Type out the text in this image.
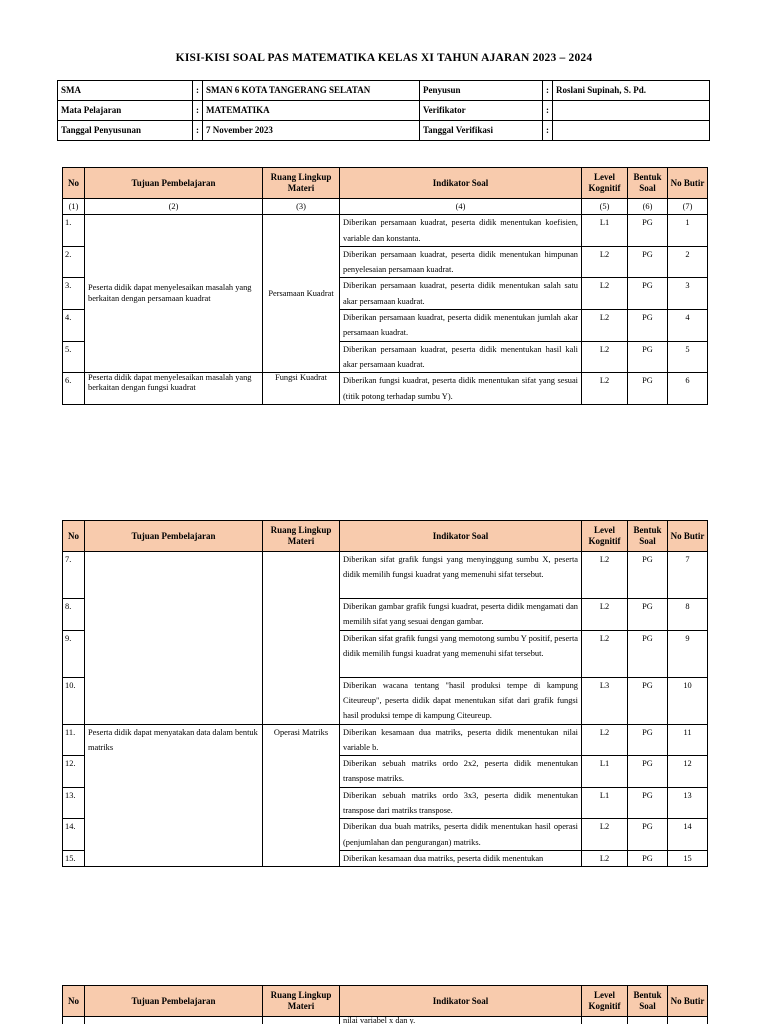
KISI-KISI SOAL PAS MATEMATIKA KELAS XI TAHUN AJARAN 2023 – 2024
SMA	:	SMAN 6 KOTA TANGERANG SELATAN	Penyusun	:	Roslani Supinah, S. Pd.
Mata Pelajaran	:	MATEMATIKA	Verifikator	:	
Tanggal Penyusunan	:	7 November 2023	Tanggal Verifikasi	:	
No	Tujuan Pembelajaran	Ruang Lingkup Materi	Indikator Soal	Level Kognitif	Bentuk Soal	No Butir
(1)	(2)	(3)	(4)	(5)	(6)	(7)
1.	Peserta didik dapat menyelesaikan masalah yang berkaitan dengan persamaan kuadrat	Persamaan Kuadrat	Diberikan persamaan kuadrat, peserta didik menentukan koefisien, variable dan konstanta.	L1	PG	1
2.			Diberikan persamaan kuadrat, peserta didik menentukan himpunan penyelesaian persamaan kuadrat.	L2	PG	2
3.			Diberikan persamaan kuadrat, peserta didik menentukan salah satu akar persamaan kuadrat.	L2	PG	3
4.			Diberikan persamaan kuadrat, peserta didik menentukan jumlah akar persamaan kuadrat.	L2	PG	4
5.			Diberikan persamaan kuadrat, peserta didik menentukan hasil kali akar persamaan kuadrat.	L2	PG	5
6.	Peserta didik dapat menyelesaikan masalah yang berkaitan dengan fungsi kuadrat	Fungsi Kuadrat	Diberikan fungsi kuadrat, peserta didik menentukan sifat yang sesuai (titik potong terhadap sumbu Y).	L2	PG	6
No	Tujuan Pembelajaran	Ruang Lingkup Materi	Indikator Soal	Level Kognitif	Bentuk Soal	No Butir
7.			Diberikan sifat grafik fungsi yang menyinggung sumbu X, peserta didik memilih fungsi kuadrat yang memenuhi sifat tersebut.	L2	PG	7
8.			Diberikan gambar grafik fungsi kuadrat, peserta didik mengamati dan memilih sifat yang sesuai dengan gambar.	L2	PG	8
9.			Diberikan sifat grafik fungsi yang memotong sumbu Y positif, peserta didik memilih fungsi kuadrat yang memenuhi sifat tersebut.	L2	PG	9
10.			Diberikan wacana tentang "hasil produksi tempe di kampung Citeureup", peserta didik dapat menentukan sifat dari grafik fungsi hasil produksi tempe di kampung Citeureup.	L3	PG	10
11.	Peserta didik dapat menyatakan data dalam bentuk matriks	Operasi Matriks	Diberikan kesamaan dua matriks, peserta didik menentukan nilai variable b.	L2	PG	11
12.			Diberikan sebuah matriks ordo 2x2, peserta didik menentukan transpose matriks.	L1	PG	12
13.			Diberikan sebuah matriks ordo 3x3, peserta didik menentukan transpose dari matriks transpose.	L1	PG	13
14.			Diberikan dua buah matriks, peserta didik menentukan hasil operasi (penjumlahan dan pengurangan) matriks.	L2	PG	14
15.			Diberikan kesamaan dua matriks, peserta didik menentukan	L2	PG	15
No	Tujuan Pembelajaran	Ruang Lingkup Materi	Indikator Soal	Level Kognitif	Bentuk Soal	No Butir
			nilai variabel x dan y.			
